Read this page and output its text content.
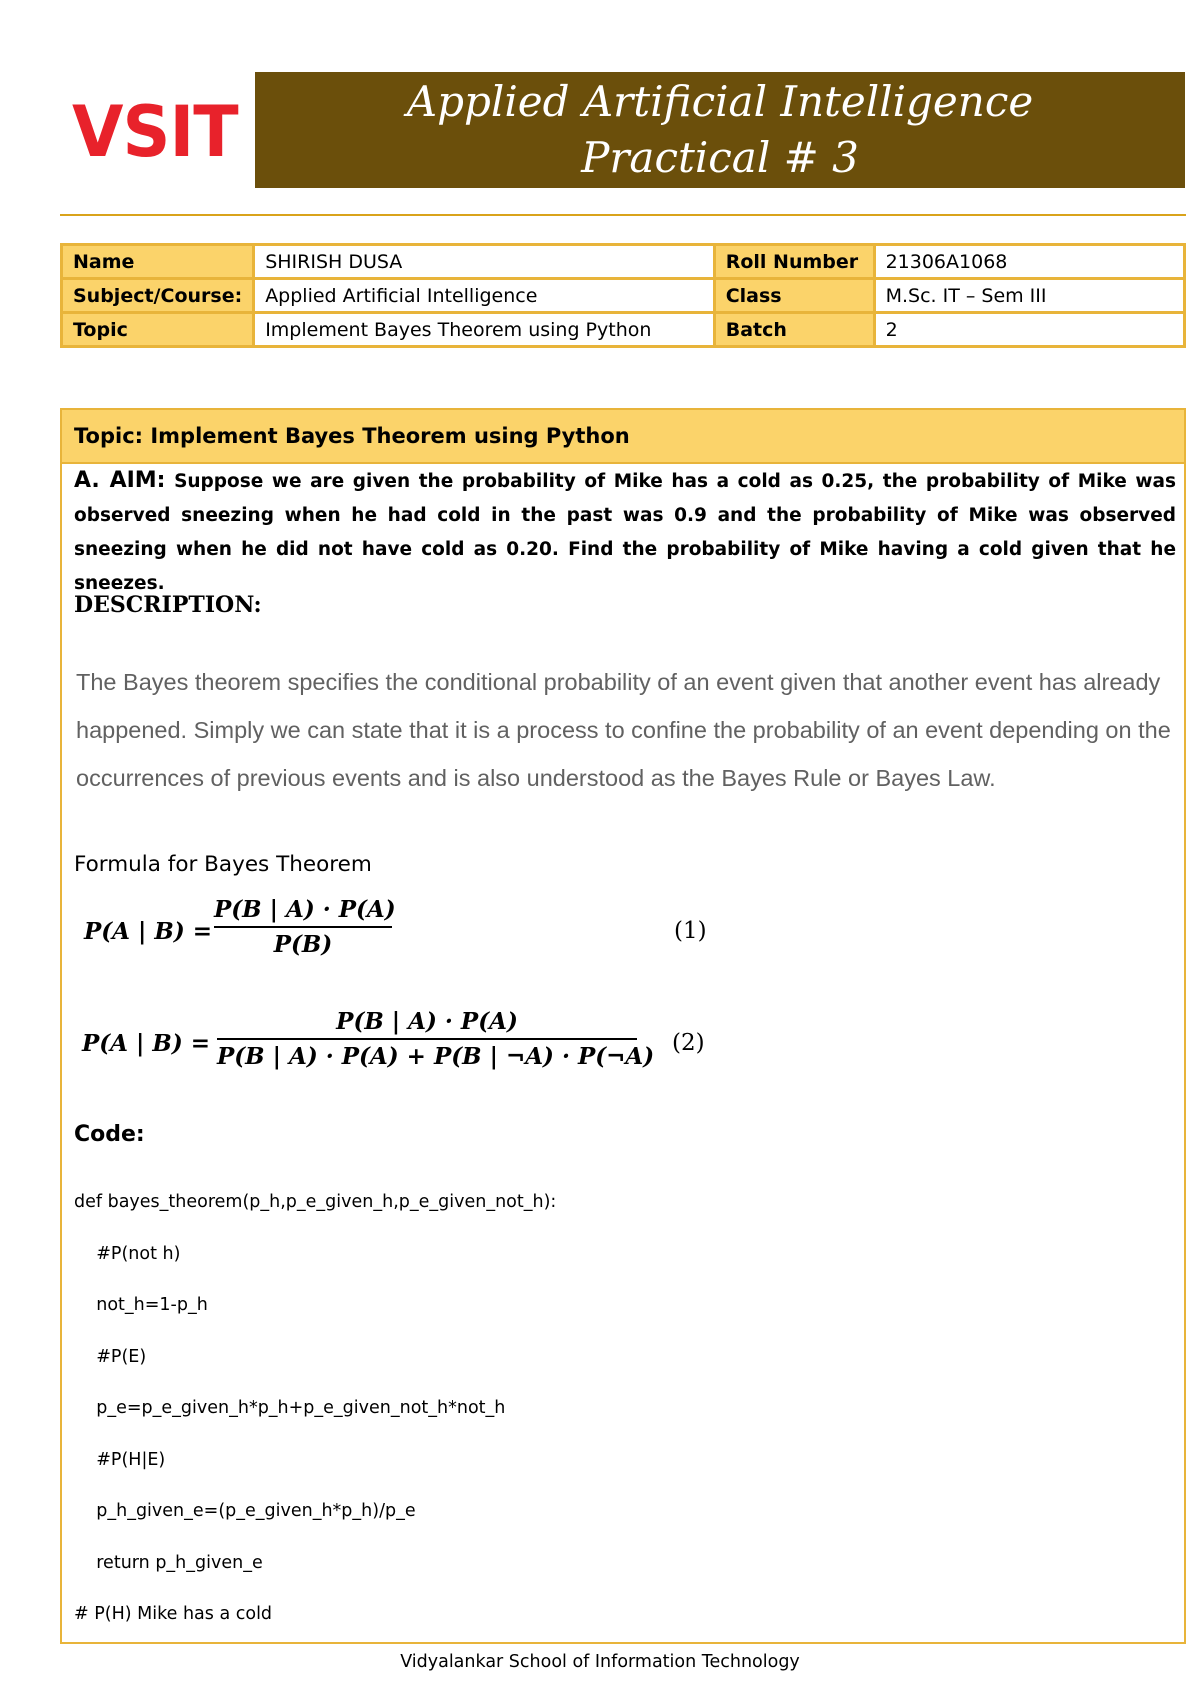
VSIT	Applied Artificial Intelligence
Practical # 3
Name	SHIRISH DUSA	Roll Number	21306A1068
Subject/Course:	Applied Artificial Intelligence	Class	M.Sc. IT – Sem III
Topic	Implement Bayes Theorem using Python	Batch	2
Topic: Implement Bayes Theorem using Python
A. AIM: Suppose we are given the probability of Mike has a cold as 0.25, the probability of Mike was observed sneezing when he had cold in the past was 0.9 and the probability of Mike was observed sneezing when he did not have cold as 0.20. Find the probability of Mike having a cold given that he sneezes.
DESCRIPTION:
The Bayes theorem specifies the conditional probability of an event given that another event has already happened. Simply we can state that it is a process to confine the probability of an event depending on the occurrences of previous events and is also understood as the Bayes Rule or Bayes Law.
Formula for Bayes Theorem
P(A | B) =
P(B | A) · P(A)
P(B)	(1)
P(A | B) =
P(B | A) · P(A)
P(B | A) · P(A) + P(B | ¬A) · P(¬A) (2)
Code:
def bayes_theorem(p_h,p_e_given_h,p_e_given_not_h):
#P(not h)
not_h=1-p_h
#P(E)
p_e=p_e_given_h*p_h+p_e_given_not_h*not_h
#P(H|E)
p_h_given_e=(p_e_given_h*p_h)/p_e
return p_h_given_e
# P(H) Mike has a cold
Vidyalankar School of Information Technology
